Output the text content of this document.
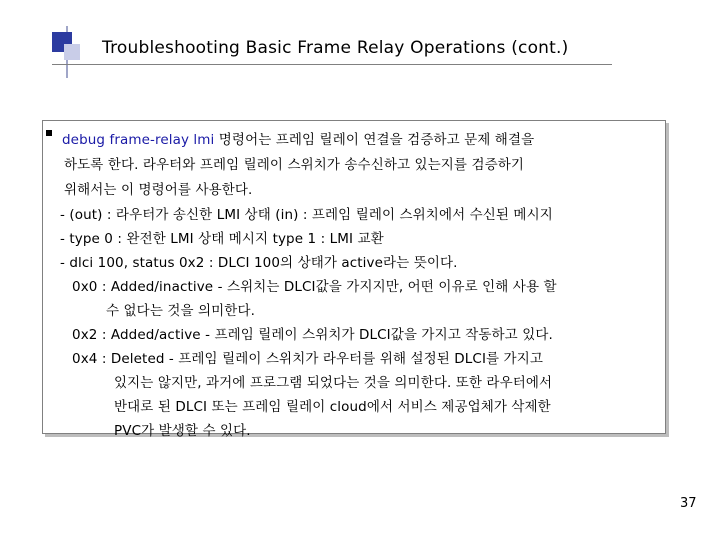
Troubleshooting Basic Frame Relay Operations (cont.)
debug frame-relay lmi 명령어는 프레임 릴레이 연결을 검증하고 문제 해결을
하도록 한다. 라우터와 프레임 릴레이 스위치가 송수신하고 있는지를 검증하기
위해서는 이 명령어를 사용한다.
- (out) : 라우터가 송신한 LMI 상태 (in) : 프레임 릴레이 스위치에서 수신된 메시지
- type 0 : 완전한 LMI 상태 메시지 type 1 : LMI 교환
- dlci 100, status 0x2 : DLCI 100의 상태가 active라는 뜻이다.
0x0 : Added/inactive - 스위치는 DLCI값을 가지지만, 어떤 이유로 인해 사용 할
수 없다는 것을 의미한다.
0x2 : Added/active - 프레임 릴레이 스위치가 DLCI값을 가지고 작동하고 있다.
0x4 : Deleted - 프레임 릴레이 스위치가 라우터를 위해 설정된 DLCI를 가지고
있지는 않지만, 과거에 프로그램 되었다는 것을 의미한다. 또한 라우터에서
반대로 된 DLCI 또는 프레임 릴레이 cloud에서 서비스 제공업체가 삭제한
PVC가 발생할 수 있다.
37
